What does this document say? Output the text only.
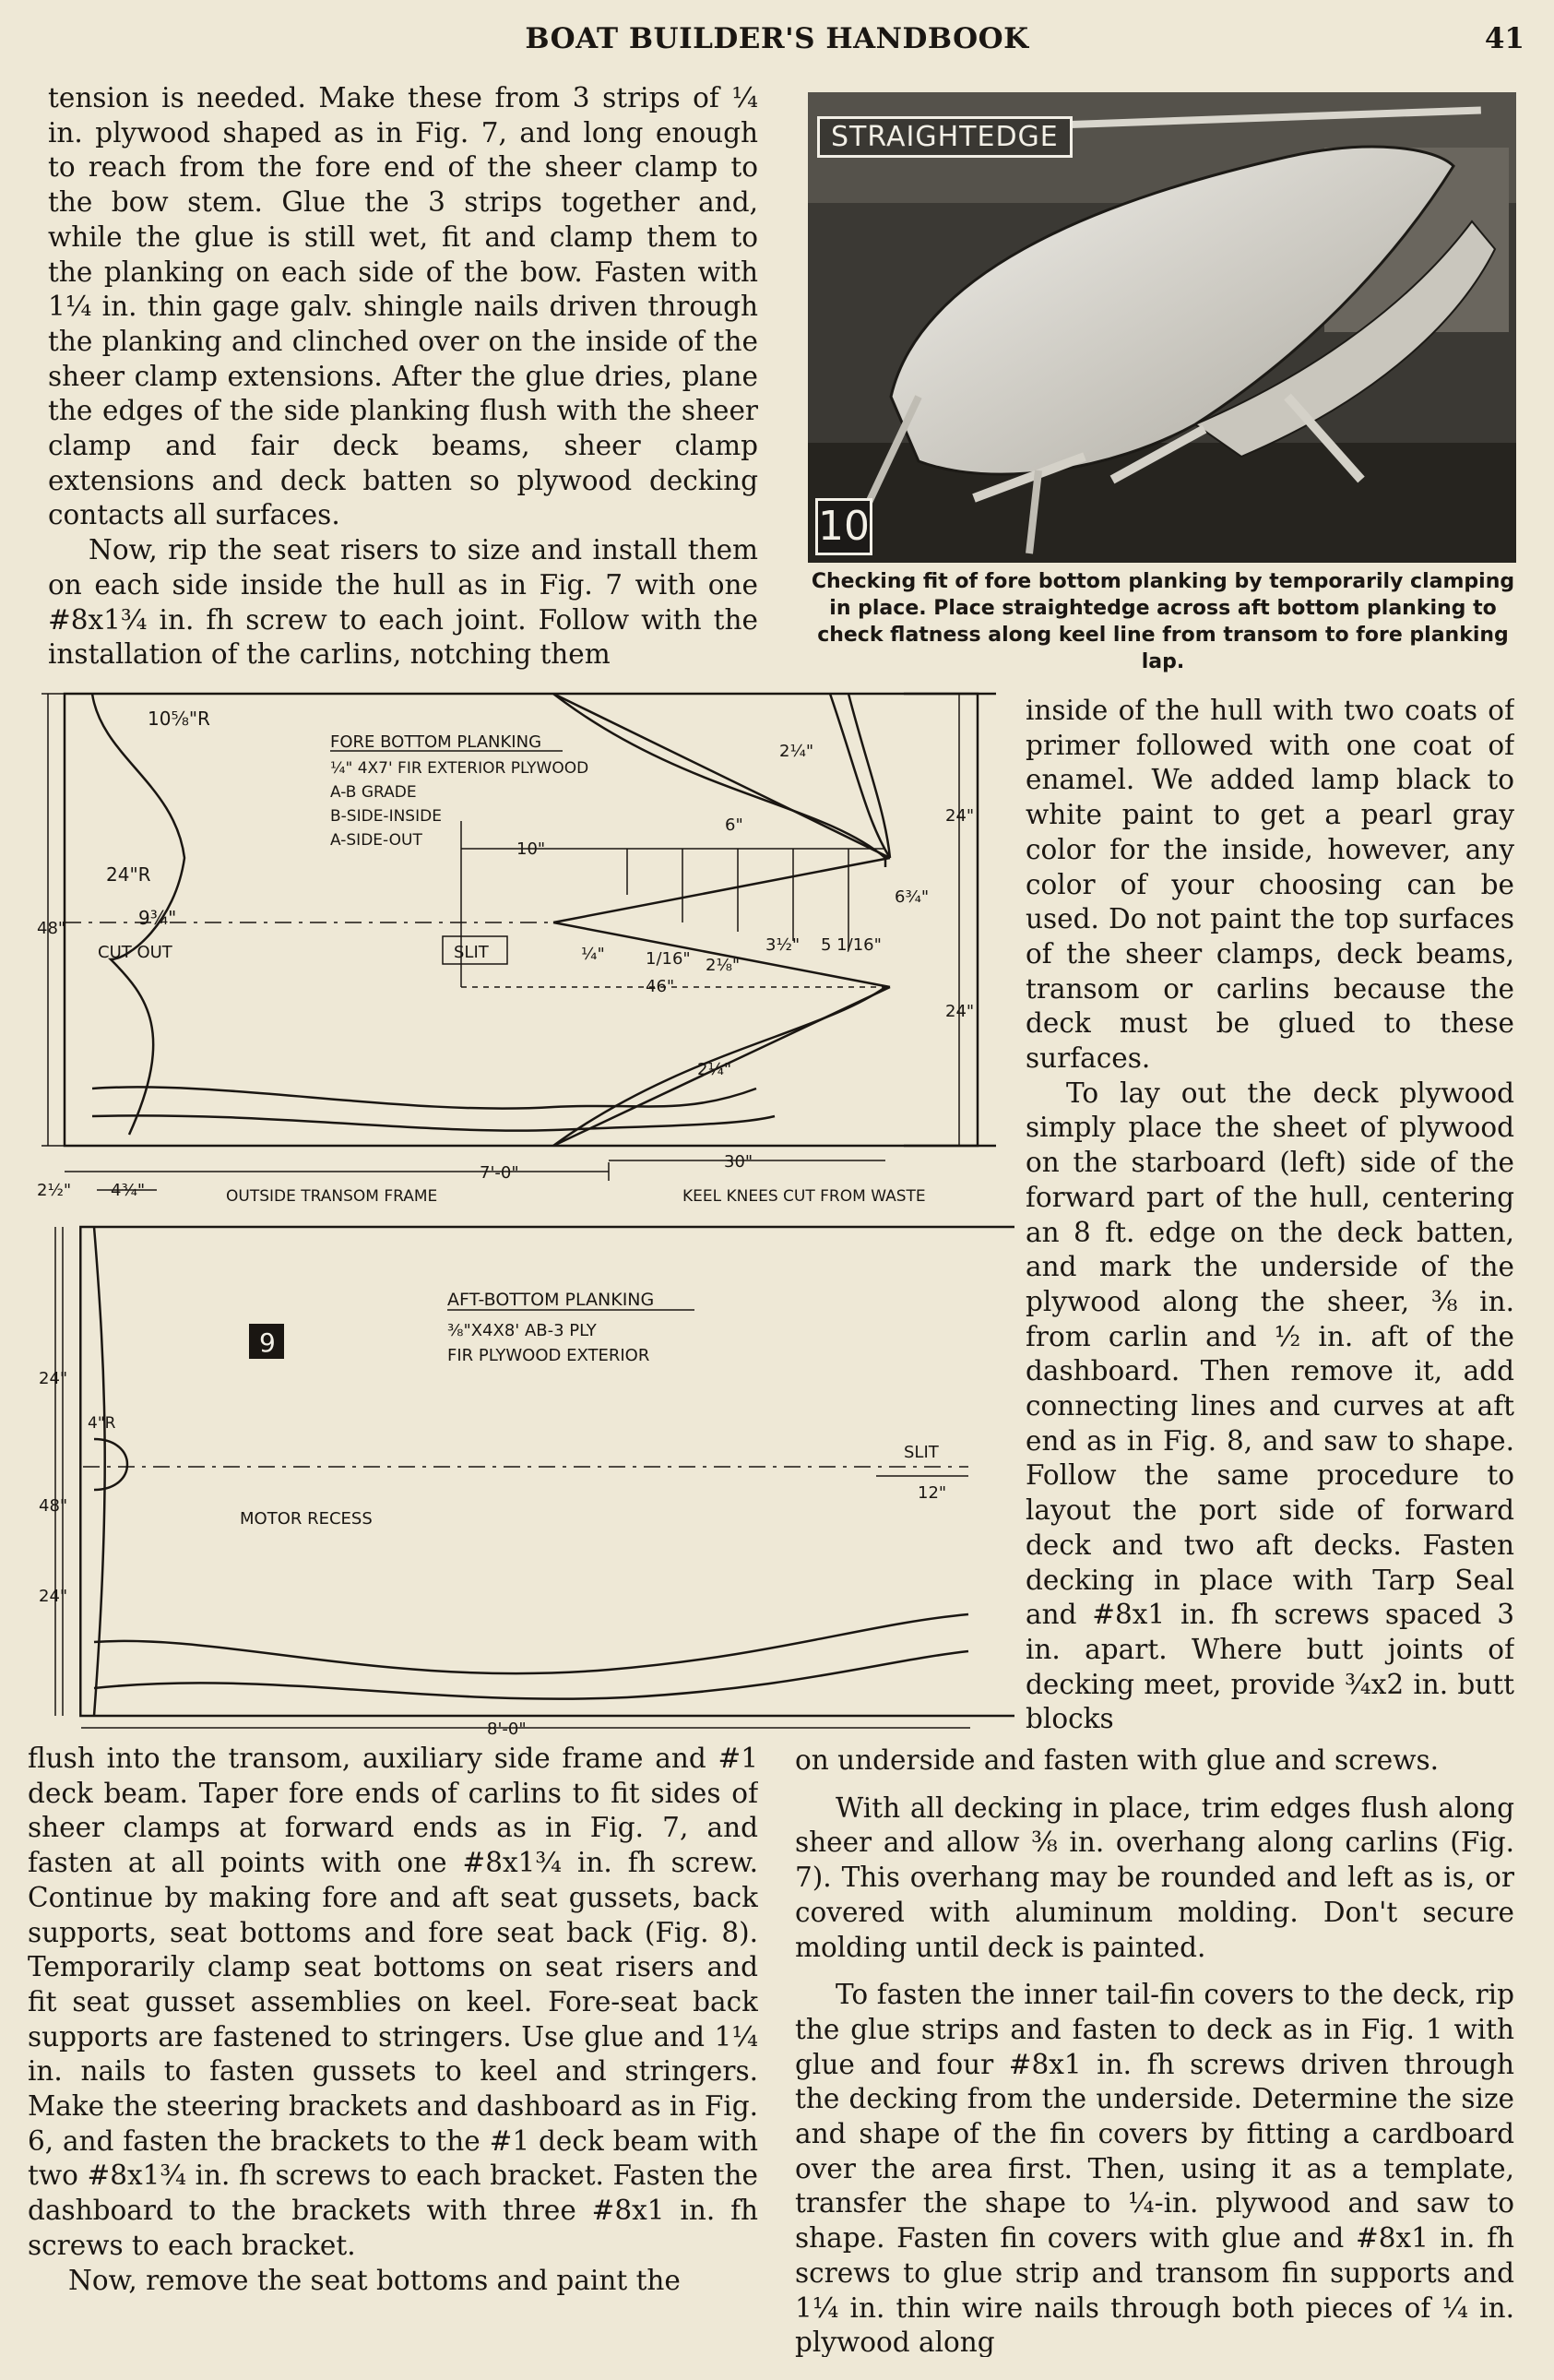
BOAT BUILDER'S HANDBOOK	41

tension is needed. Make these from 3 strips of ¼ in. plywood shaped as in Fig. 7, and long enough to reach from the fore end of the sheer clamp to the bow stem. Glue the 3 strips together and, while the glue is still wet, fit and clamp them to the planking on each side of the bow. Fasten with 1¼ in. thin gage galv. shingle nails driven through the planking and clinched over on the inside of the sheer clamp extensions. After the glue dries, plane the edges of the side planking flush with the sheer clamp and fair deck beams, sheer clamp extensions and deck batten so plywood decking contacts all surfaces.

Now, rip the seat risers to size and install them on each side inside the hull as in Fig. 7 with one #8x1¾ in. fh screw to each joint. Follow with the installation of the carlins, notching them

STRAIGHTEDGE
10
Checking fit of fore bottom planking by temporarily clamping in place. Place straightedge across aft bottom planking to check flatness along keel line from transom to fore planking lap.
10⅝"R
24"R
9¾"
CUT OUT
48"
FORE BOTTOM PLANKING
¼" 4X7' FIR EXTERIOR PLYWOOD
A-B GRADE
B-SIDE-INSIDE
A-SIDE-OUT	10"
6"
2¼"
24"
24"
6¾"
SLIT	¼" 1/16" 2⅛"
3½" 5 1/16"
46"
2¼"
7'-0"
30"
2½" 4¾"	OUTSIDE TRANSOM FRAME	KEEL KNEES CUT FROM WASTE
9
AFT-BOTTOM PLANKING
⅜"X4X8' AB-3 PLY
FIR PLYWOOD EXTERIOR
24"
4"R
48"
24"
MOTOR RECESS
SLIT
12"
8'-0"

inside of the hull with two coats of primer followed with one coat of enamel. We added lamp black to white paint to get a pearl gray color for the inside, however, any color of your choosing can be used. Do not paint the top surfaces of the sheer clamps, deck beams, transom or carlins because the deck must be glued to these surfaces.

To lay out the deck plywood simply place the sheet of plywood on the starboard (left) side of the forward part of the hull, centering an 8 ft. edge on the deck batten, and mark the underside of the plywood along the sheer, ⅜ in. from carlin and ½ in. aft of the dashboard. Then remove it, add connecting lines and curves at aft end as in Fig. 8, and saw to shape. Follow the same procedure to layout the port side of forward deck and two aft decks. Fasten decking in place with Tarp Seal and #8x1 in. fh screws spaced 3 in. apart. Where butt joints of decking meet, provide ¾x2 in. butt blocks

flush into the transom, auxiliary side frame and #1 deck beam. Taper fore ends of carlins to fit sides of sheer clamps at forward ends as in Fig. 7, and fasten at all points with one #8x1¾ in. fh screw. Continue by making fore and aft seat gussets, back supports, seat bottoms and fore seat back (Fig. 8). Temporarily clamp seat bottoms on seat risers and fit seat gusset assemblies on keel. Fore-seat back supports are fastened to stringers. Use glue and 1¼ in. nails to fasten gussets to keel and stringers. Make the steering brackets and dashboard as in Fig. 6, and fasten the brackets to the #1 deck beam with two #8x1¾ in. fh screws to each bracket. Fasten the dashboard to the brackets with three #8x1 in. fh screws to each bracket.

Now, remove the seat bottoms and paint the

on underside and fasten with glue and screws.

With all decking in place, trim edges flush along sheer and allow ⅜ in. overhang along carlins (Fig. 7). This overhang may be rounded and left as is, or covered with aluminum molding. Don't secure molding until deck is painted.

To fasten the inner tail-fin covers to the deck, rip the glue strips and fasten to deck as in Fig. 1 with glue and four #8x1 in. fh screws driven through the decking from the underside. Determine the size and shape of the fin covers by fitting a cardboard over the area first. Then, using it as a template, transfer the shape to ¼-in. plywood and saw to shape. Fasten fin covers with glue and #8x1 in. fh screws to glue strip and transom fin supports and 1¼ in. thin wire nails through both pieces of ¼ in. plywood along
